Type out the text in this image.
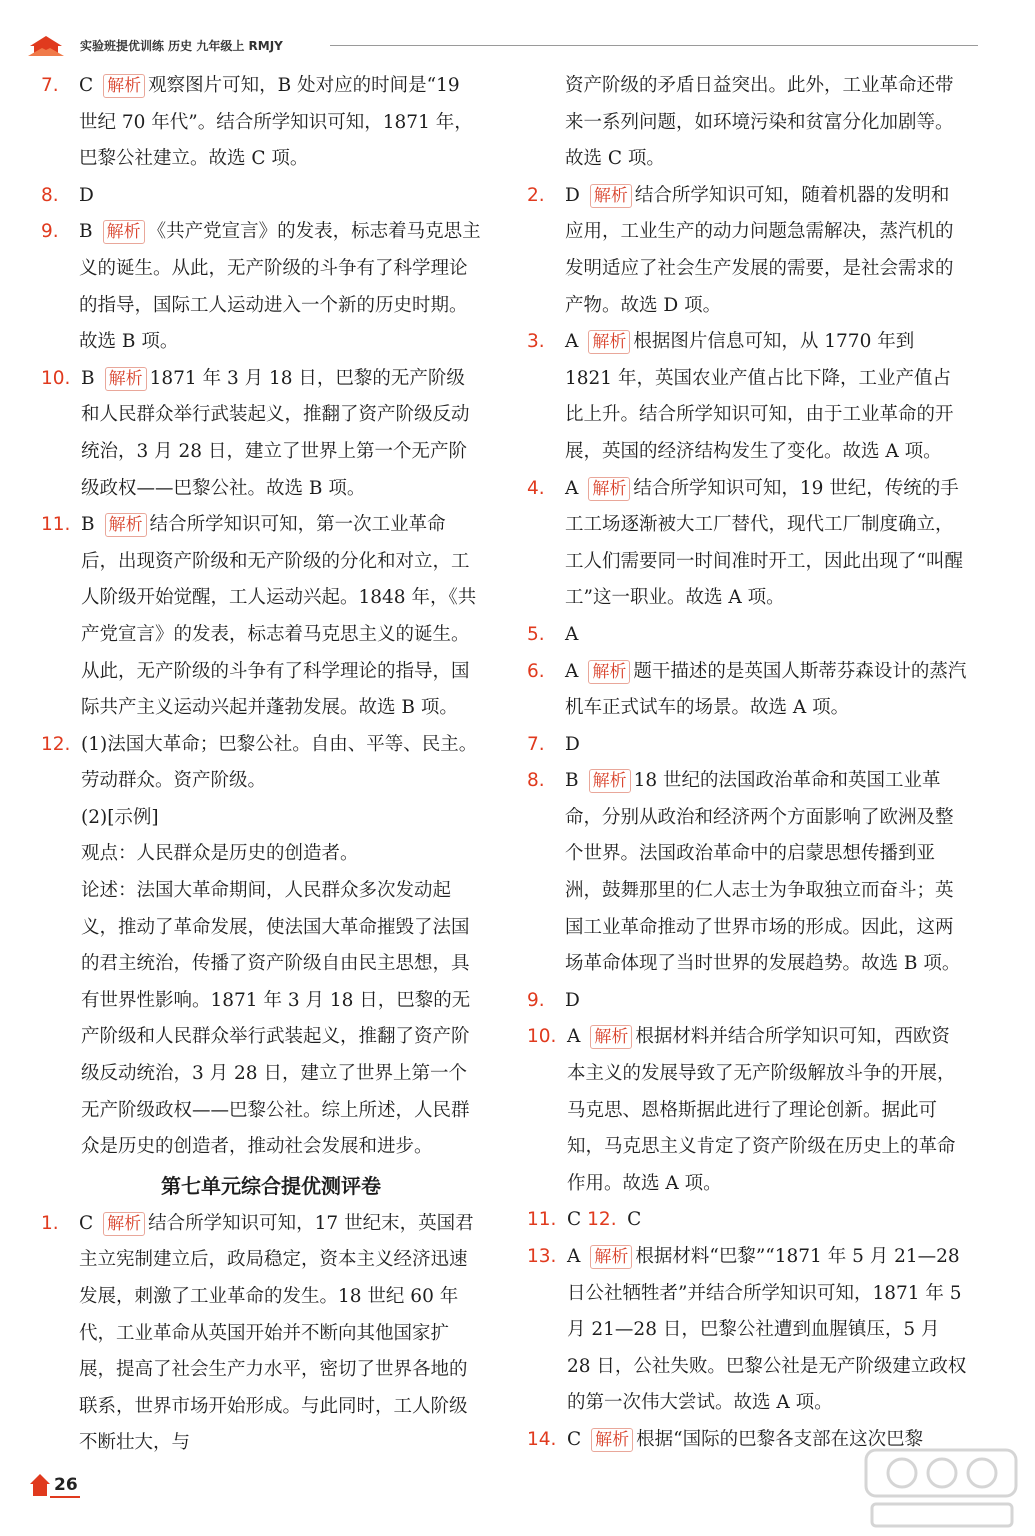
实验班提优训练 历史 九年级上 RMJY
7. C 解析 观察图片可知，B 处对应的时间是“19 世纪 70 年代”。结合所学知识可知，1871 年，巴黎公社建立。故选 C 项。
8. D
9. B 解析 《共产党宣言》的发表，标志着马克思主义的诞生。从此，无产阶级的斗争有了科学理论的指导，国际工人运动进入一个新的历史时期。故选 B 项。
10. B 解析 1871 年 3 月 18 日，巴黎的无产阶级和人民群众举行武装起义，推翻了资产阶级反动统治，3 月 28 日，建立了世界上第一个无产阶级政权——巴黎公社。故选 B 项。
11. B 解析 结合所学知识可知，第一次工业革命后，出现资产阶级和无产阶级的分化和对立，工人阶级开始觉醒，工人运动兴起。1848 年，《共产党宣言》的发表，标志着马克思主义的诞生。从此，无产阶级的斗争有了科学理论的指导，国际共产主义运动兴起并蓬勃发展。故选 B 项。
12. (1)法国大革命；巴黎公社。自由、平等、民主。劳动群众。资产阶级。
(2)[示例]
观点：人民群众是历史的创造者。
论述：法国大革命期间，人民群众多次发动起义，推动了革命发展，使法国大革命摧毁了法国的君主统治，传播了资产阶级自由民主思想，具有世界性影响。1871 年 3 月 18 日，巴黎的无产阶级和人民群众举行武装起义，推翻了资产阶级反动统治，3 月 28 日，建立了世界上第一个无产阶级政权——巴黎公社。综上所述，人民群众是历史的创造者，推动社会发展和进步。
第七单元综合提优测评卷
1. C 解析 结合所学知识可知，17 世纪末，英国君主立宪制建立后，政局稳定，资本主义经济迅速发展，刺激了工业革命的发生。18 世纪 60 年代，工业革命从英国开始并不断向其他国家扩展，提高了社会生产力水平，密切了世界各地的联系，世界市场开始形成。与此同时，工人阶级不断壮大，与
资产阶级的矛盾日益突出。此外，工业革命还带来一系列问题，如环境污染和贫富分化加剧等。故选 C 项。
2. D 解析 结合所学知识可知，随着机器的发明和应用，工业生产的动力问题急需解决，蒸汽机的发明适应了社会生产发展的需要，是社会需求的产物。故选 D 项。
3. A 解析 根据图片信息可知，从 1770 年到 1821 年，英国农业产值占比下降，工业产值占比上升。结合所学知识可知，由于工业革命的开展，英国的经济结构发生了变化。故选 A 项。
4. A 解析 结合所学知识可知，19 世纪，传统的手工工场逐渐被大工厂替代，现代工厂制度确立，工人们需要同一时间准时开工，因此出现了“叫醒工”这一职业。故选 A 项。
5. A
6. A 解析 题干描述的是英国人斯蒂芬森设计的蒸汽机车正式试车的场景。故选 A 项。
7. D
8. B 解析 18 世纪的法国政治革命和英国工业革命，分别从政治和经济两个方面影响了欧洲及整个世界。法国政治革命中的启蒙思想传播到亚洲，鼓舞那里的仁人志士为争取独立而奋斗；英国工业革命推动了世界市场的形成。因此，这两场革命体现了当时世界的发展趋势。故选 B 项。
9. D
10. A 解析 根据材料并结合所学知识可知，西欧资本主义的发展导致了无产阶级解放斗争的开展，马克思、恩格斯据此进行了理论创新。据此可知，马克思主义肯定了资产阶级在历史上的革命作用。故选 A 项。
11. C 12. C
13. A 解析 根据材料“巴黎”“1871 年 5 月 21—28 日公社牺牲者”并结合所学知识可知，1871 年 5 月 21—28 日，巴黎公社遭到血腥镇压，5 月 28 日，公社失败。巴黎公社是无产阶级建立政权的第一次伟大尝试。故选 A 项。
14. C 解析 根据“国际的巴黎各支部在这次巴黎
26
